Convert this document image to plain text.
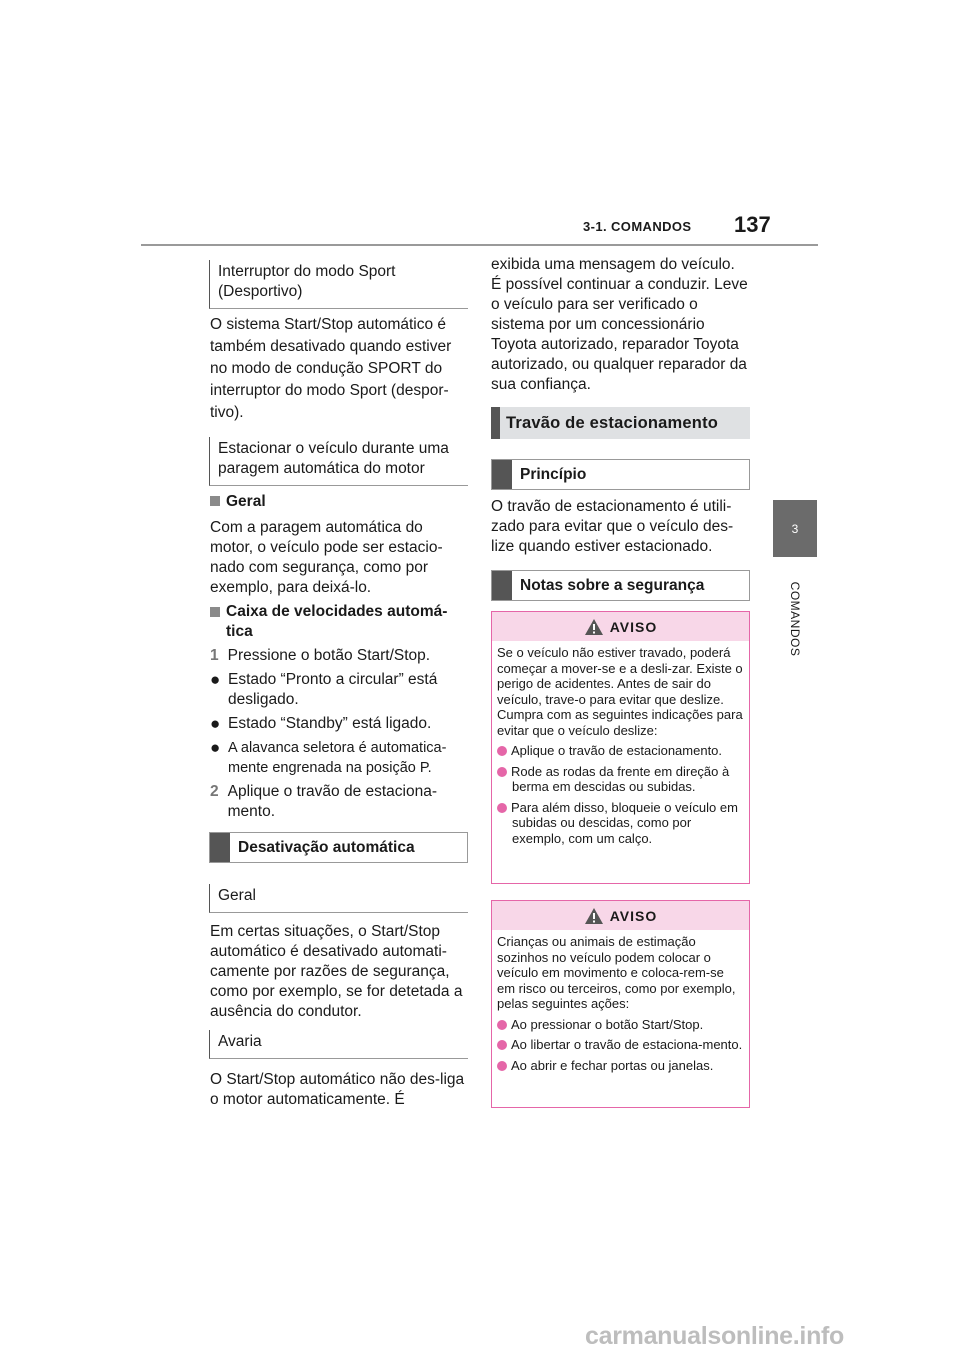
3-1. COMANDOS 137
3
COMANDOS
Interruptor do modo Sport (Desportivo)
O sistema Start/Stop automático é também desativado quando estiver no modo de condução SPORT do interruptor do modo Sport (despor-tivo).
Estacionar o veículo durante uma paragem automática do motor
Geral
Com a paragem automática do motor, o veículo pode ser estacio-nado com segurança, como por exemplo, para deixá-lo.
Caixa de velocidades automá-tica
1 Pressione o botão Start/Stop.
● Estado “Pronto a circular” está desligado.
● Estado “Standby” está ligado.
● A alavanca seletora é automatica-mente engrenada na posição P.
2 Aplique o travão de estaciona-mento.
Desativação automática
Geral
Em certas situações, o Start/Stop automático é desativado automati-camente por razões de segurança, como por exemplo, se for detetada a ausência do condutor.
Avaria
O Start/Stop automático não des-liga o motor automaticamente. É
exibida uma mensagem do veículo. É possível continuar a conduzir. Leve o veículo para ser verificado o sistema por um concessionário Toyota autorizado, reparador Toyota autorizado, ou qualquer reparador da sua confiança.
Travão de estacionamento
Princípio
O travão de estacionamento é utili-zado para evitar que o veículo des-lize quando estiver estacionado.
Notas sobre a segurança
AVISO

Se o veículo não estiver travado, poderá começar a mover-se e a desli-zar. Existe o perigo de acidentes. Antes de sair do veículo, trave-o para evitar que deslize. Cumpra com as seguintes indicações para evitar que o veículo deslize:

Aplique o travão de estacionamento.

Rode as rodas da frente em direção à berma em descidas ou subidas.

Para além disso, bloqueie o veículo em subidas ou descidas, como por exemplo, com um calço.

AVISO

Crianças ou animais de estimação sozinhos no veículo podem colocar o veículo em movimento e coloca-rem-se em risco ou terceiros, como por exemplo, pelas seguintes ações:

Ao pressionar o botão Start/Stop.

Ao libertar o travão de estaciona-mento.

Ao abrir e fechar portas ou janelas.

carmanualsonline.info
